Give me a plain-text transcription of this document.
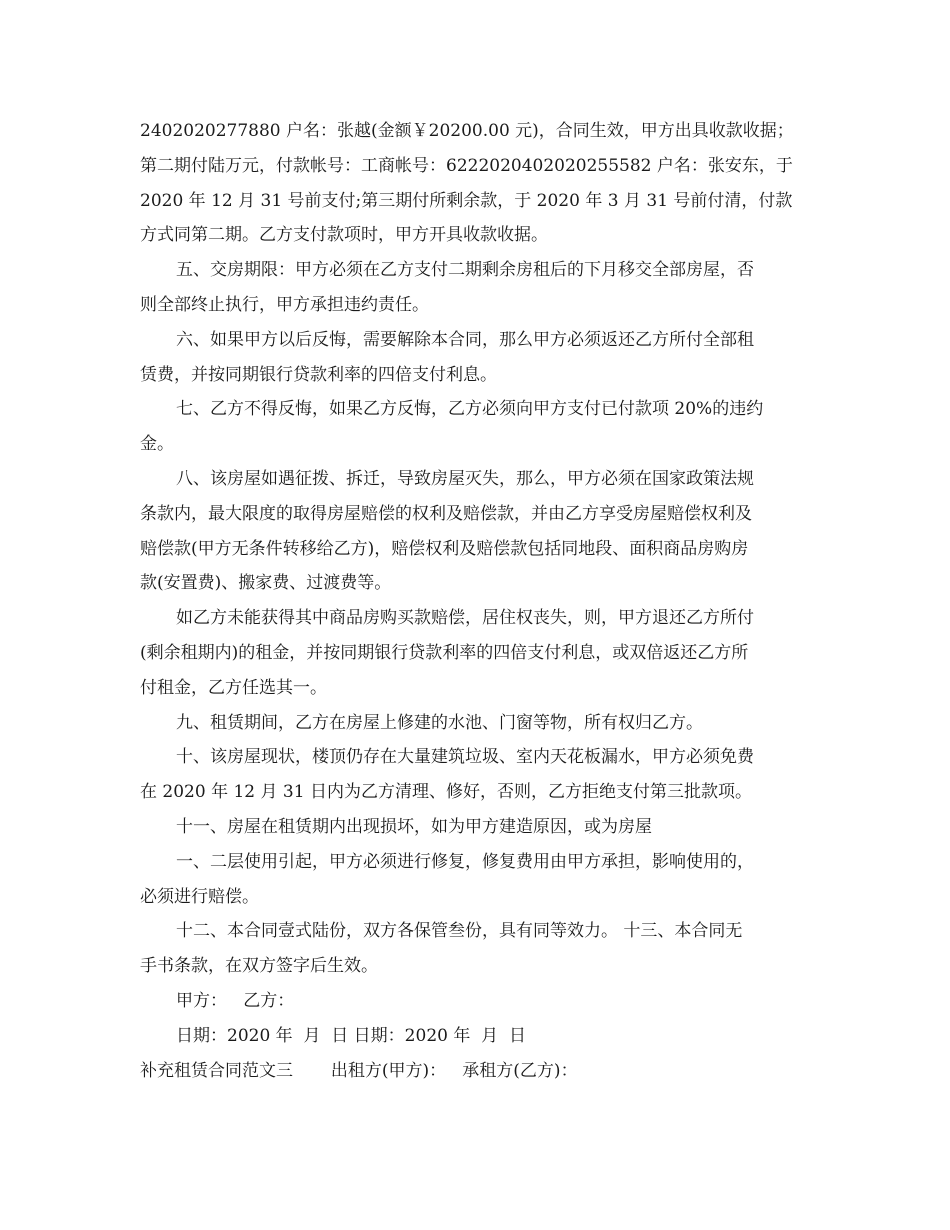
2402020277880 户名：张越(金额￥20200.00 元)，合同生效，甲方出具收款收据；
第二期付陆万元，付款帐号：工商帐号：6222020402020255582 户名：张安东，于
2020 年 12 月 31 号前支付;第三期付所剩余款，于 2020 年 3 月 31 号前付清，付款
方式同第二期。乙方支付款项时，甲方开具收款收据。

五、交房期限：甲方必须在乙方支付二期剩余房租后的下月移交全部房屋，否
则全部终止执行，甲方承担违约责任。

六、如果甲方以后反悔，需要解除本合同，那么甲方必须返还乙方所付全部租
赁费，并按同期银行贷款利率的四倍支付利息。

七、乙方不得反悔，如果乙方反悔，乙方必须向甲方支付已付款项 20%的违约
金。

八、该房屋如遇征拨、拆迁，导致房屋灭失，那么，甲方必须在国家政策法规
条款内，最大限度的取得房屋赔偿的权利及赔偿款，并由乙方享受房屋赔偿权利及
赔偿款(甲方无条件转移给乙方)，赔偿权利及赔偿款包括同地段、面积商品房购房
款(安置费)、搬家费、过渡费等。

如乙方未能获得其中商品房购买款赔偿，居住权丧失，则，甲方退还乙方所付
(剩余租期内)的租金，并按同期银行贷款利率的四倍支付利息，或双倍返还乙方所
付租金，乙方任选其一。

九、租赁期间，乙方在房屋上修建的水池、门窗等物，所有权归乙方。

十、该房屋现状，楼顶仍存在大量建筑垃圾、室内天花板漏水，甲方必须免费
在 2020 年 12 月 31 日内为乙方清理、修好，否则，乙方拒绝支付第三批款项。

十一、房屋在租赁期内出现损坏，如为甲方建造原因，或为房屋

一、二层使用引起，甲方必须进行修复，修复费用由甲方承担，影响使用的，
必须进行赔偿。

十二、本合同壹式陆份，双方各保管叁份，具有同等效力。 十三、本合同无
手书条款，在双方签字后生效。

甲方：   乙方：

日期：2020 年  月  日 日期：2020 年  月  日

补充租赁合同范文三       出租方(甲方)：   承租方(乙方)：
